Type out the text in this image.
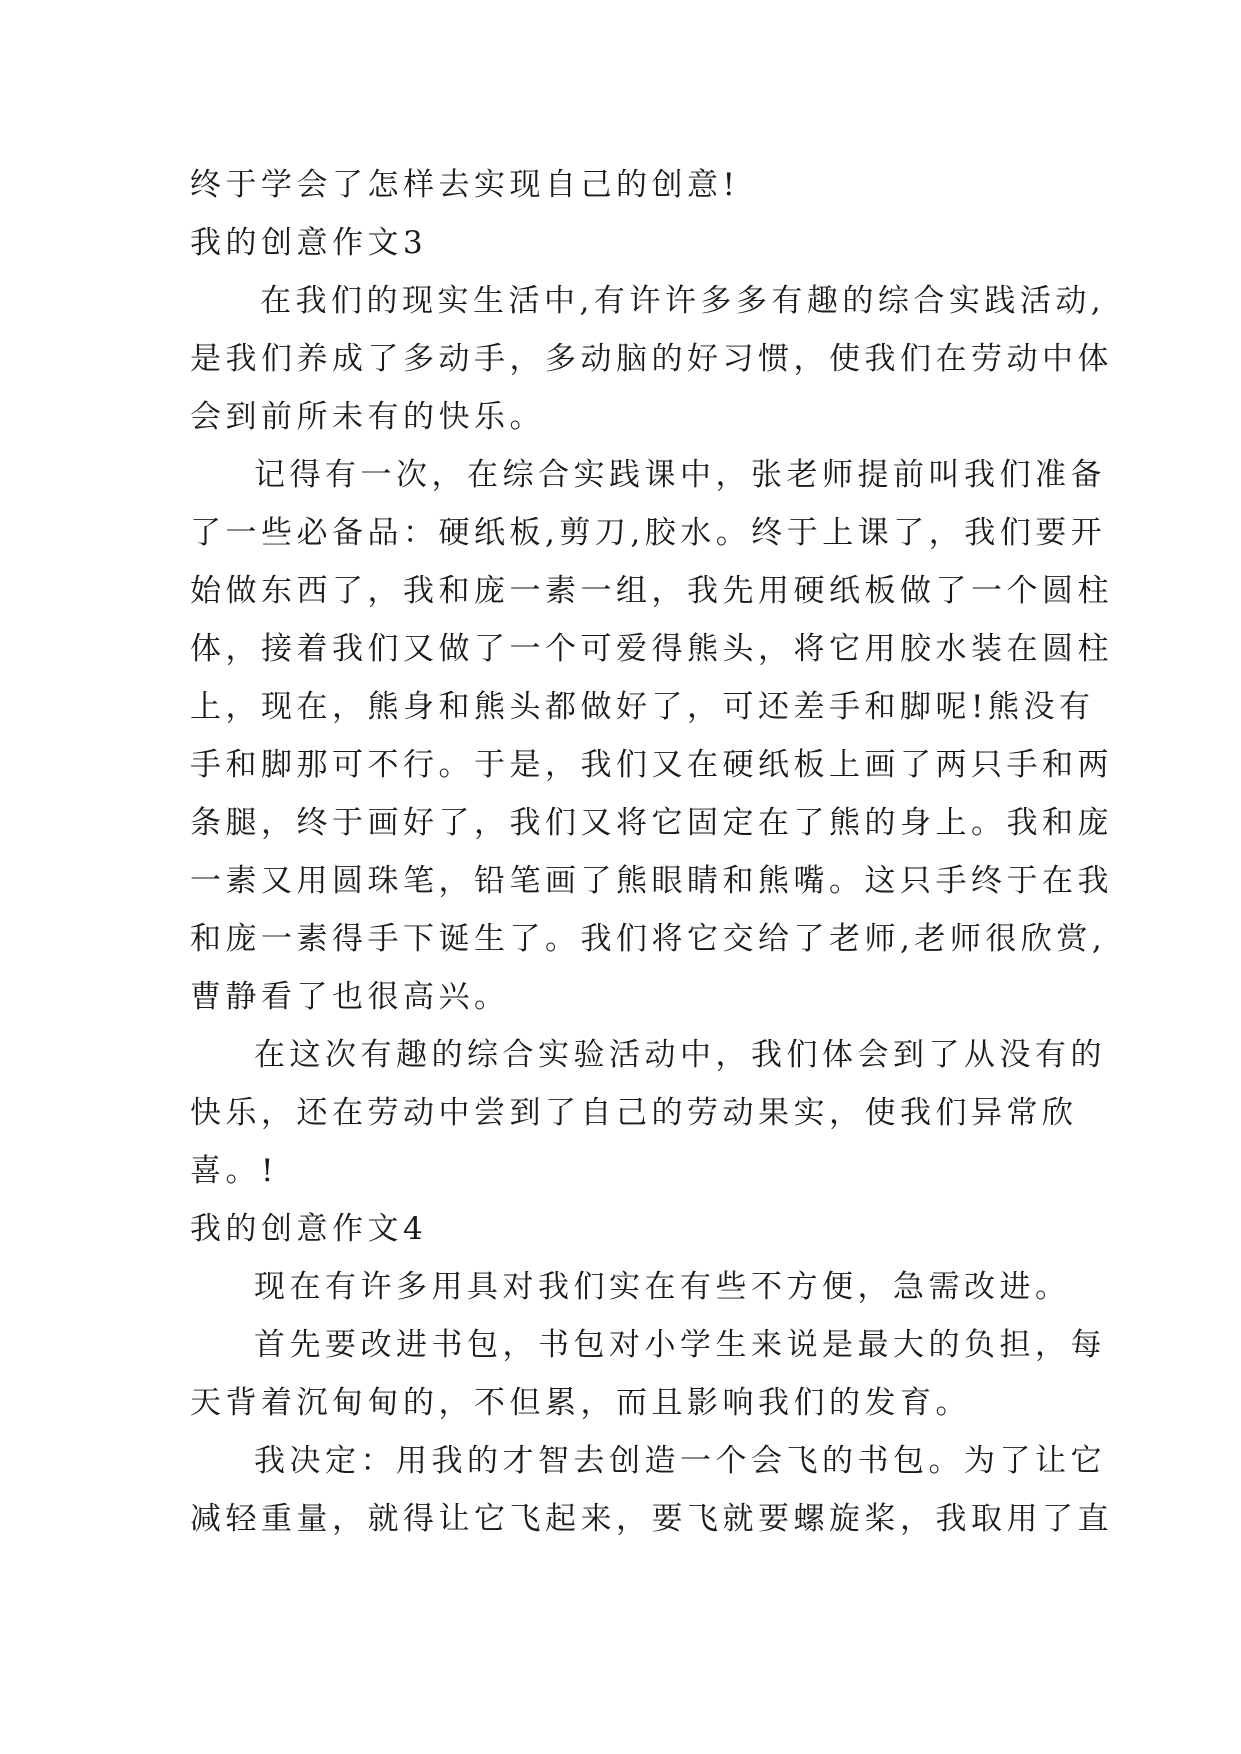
终于学会了怎样去实现自己的创意!
我的创意作文3
在我们的现实生活中,有许许多多有趣的综合实践活动,
是我们养成了多动手，多动脑的好习惯，使我们在劳动中体
会到前所未有的快乐。
记得有一次，在综合实践课中，张老师提前叫我们准备
了一些必备品：硬纸板,剪刀,胶水。终于上课了，我们要开
始做东西了，我和庞一素一组，我先用硬纸板做了一个圆柱
体，接着我们又做了一个可爱得熊头，将它用胶水装在圆柱
上，现在，熊身和熊头都做好了，可还差手和脚呢!熊没有
手和脚那可不行。于是，我们又在硬纸板上画了两只手和两
条腿，终于画好了，我们又将它固定在了熊的身上。我和庞
一素又用圆珠笔，铅笔画了熊眼睛和熊嘴。这只手终于在我
和庞一素得手下诞生了。我们将它交给了老师,老师很欣赏,
曹静看了也很高兴。
在这次有趣的综合实验活动中，我们体会到了从没有的
快乐，还在劳动中尝到了自己的劳动果实，使我们异常欣
喜。!
我的创意作文4
现在有许多用具对我们实在有些不方便，急需改进。
首先要改进书包，书包对小学生来说是最大的负担，每
天背着沉甸甸的，不但累，而且影响我们的发育。
我决定：用我的才智去创造一个会飞的书包。为了让它
减轻重量，就得让它飞起来，要飞就要螺旋桨，我取用了直
